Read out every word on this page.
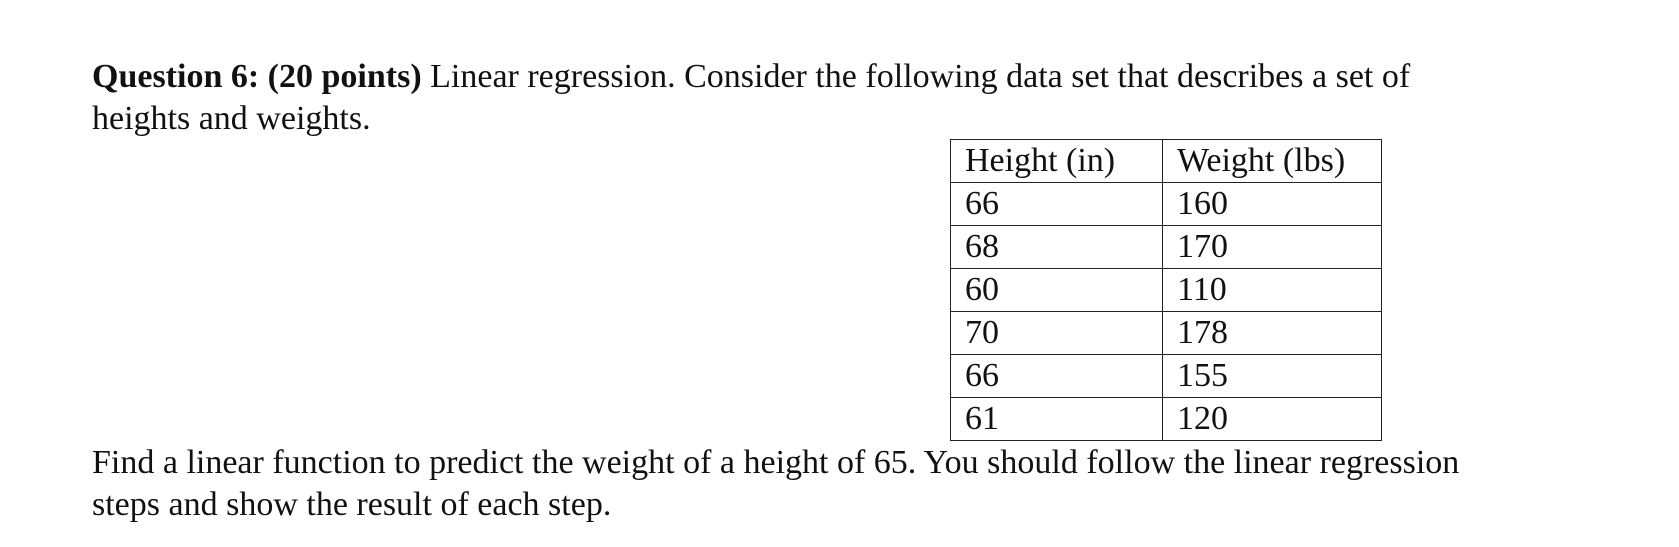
Question 6: (20 points) Linear regression. Consider the following data set that describes a set of

heights and weights.

Height (in)	Weight (lbs)
66	160
68	170
60	110
70	178
66	155
61	120

Find a linear function to predict the weight of a height of 65. You should follow the linear regression

steps and show the result of each step.
